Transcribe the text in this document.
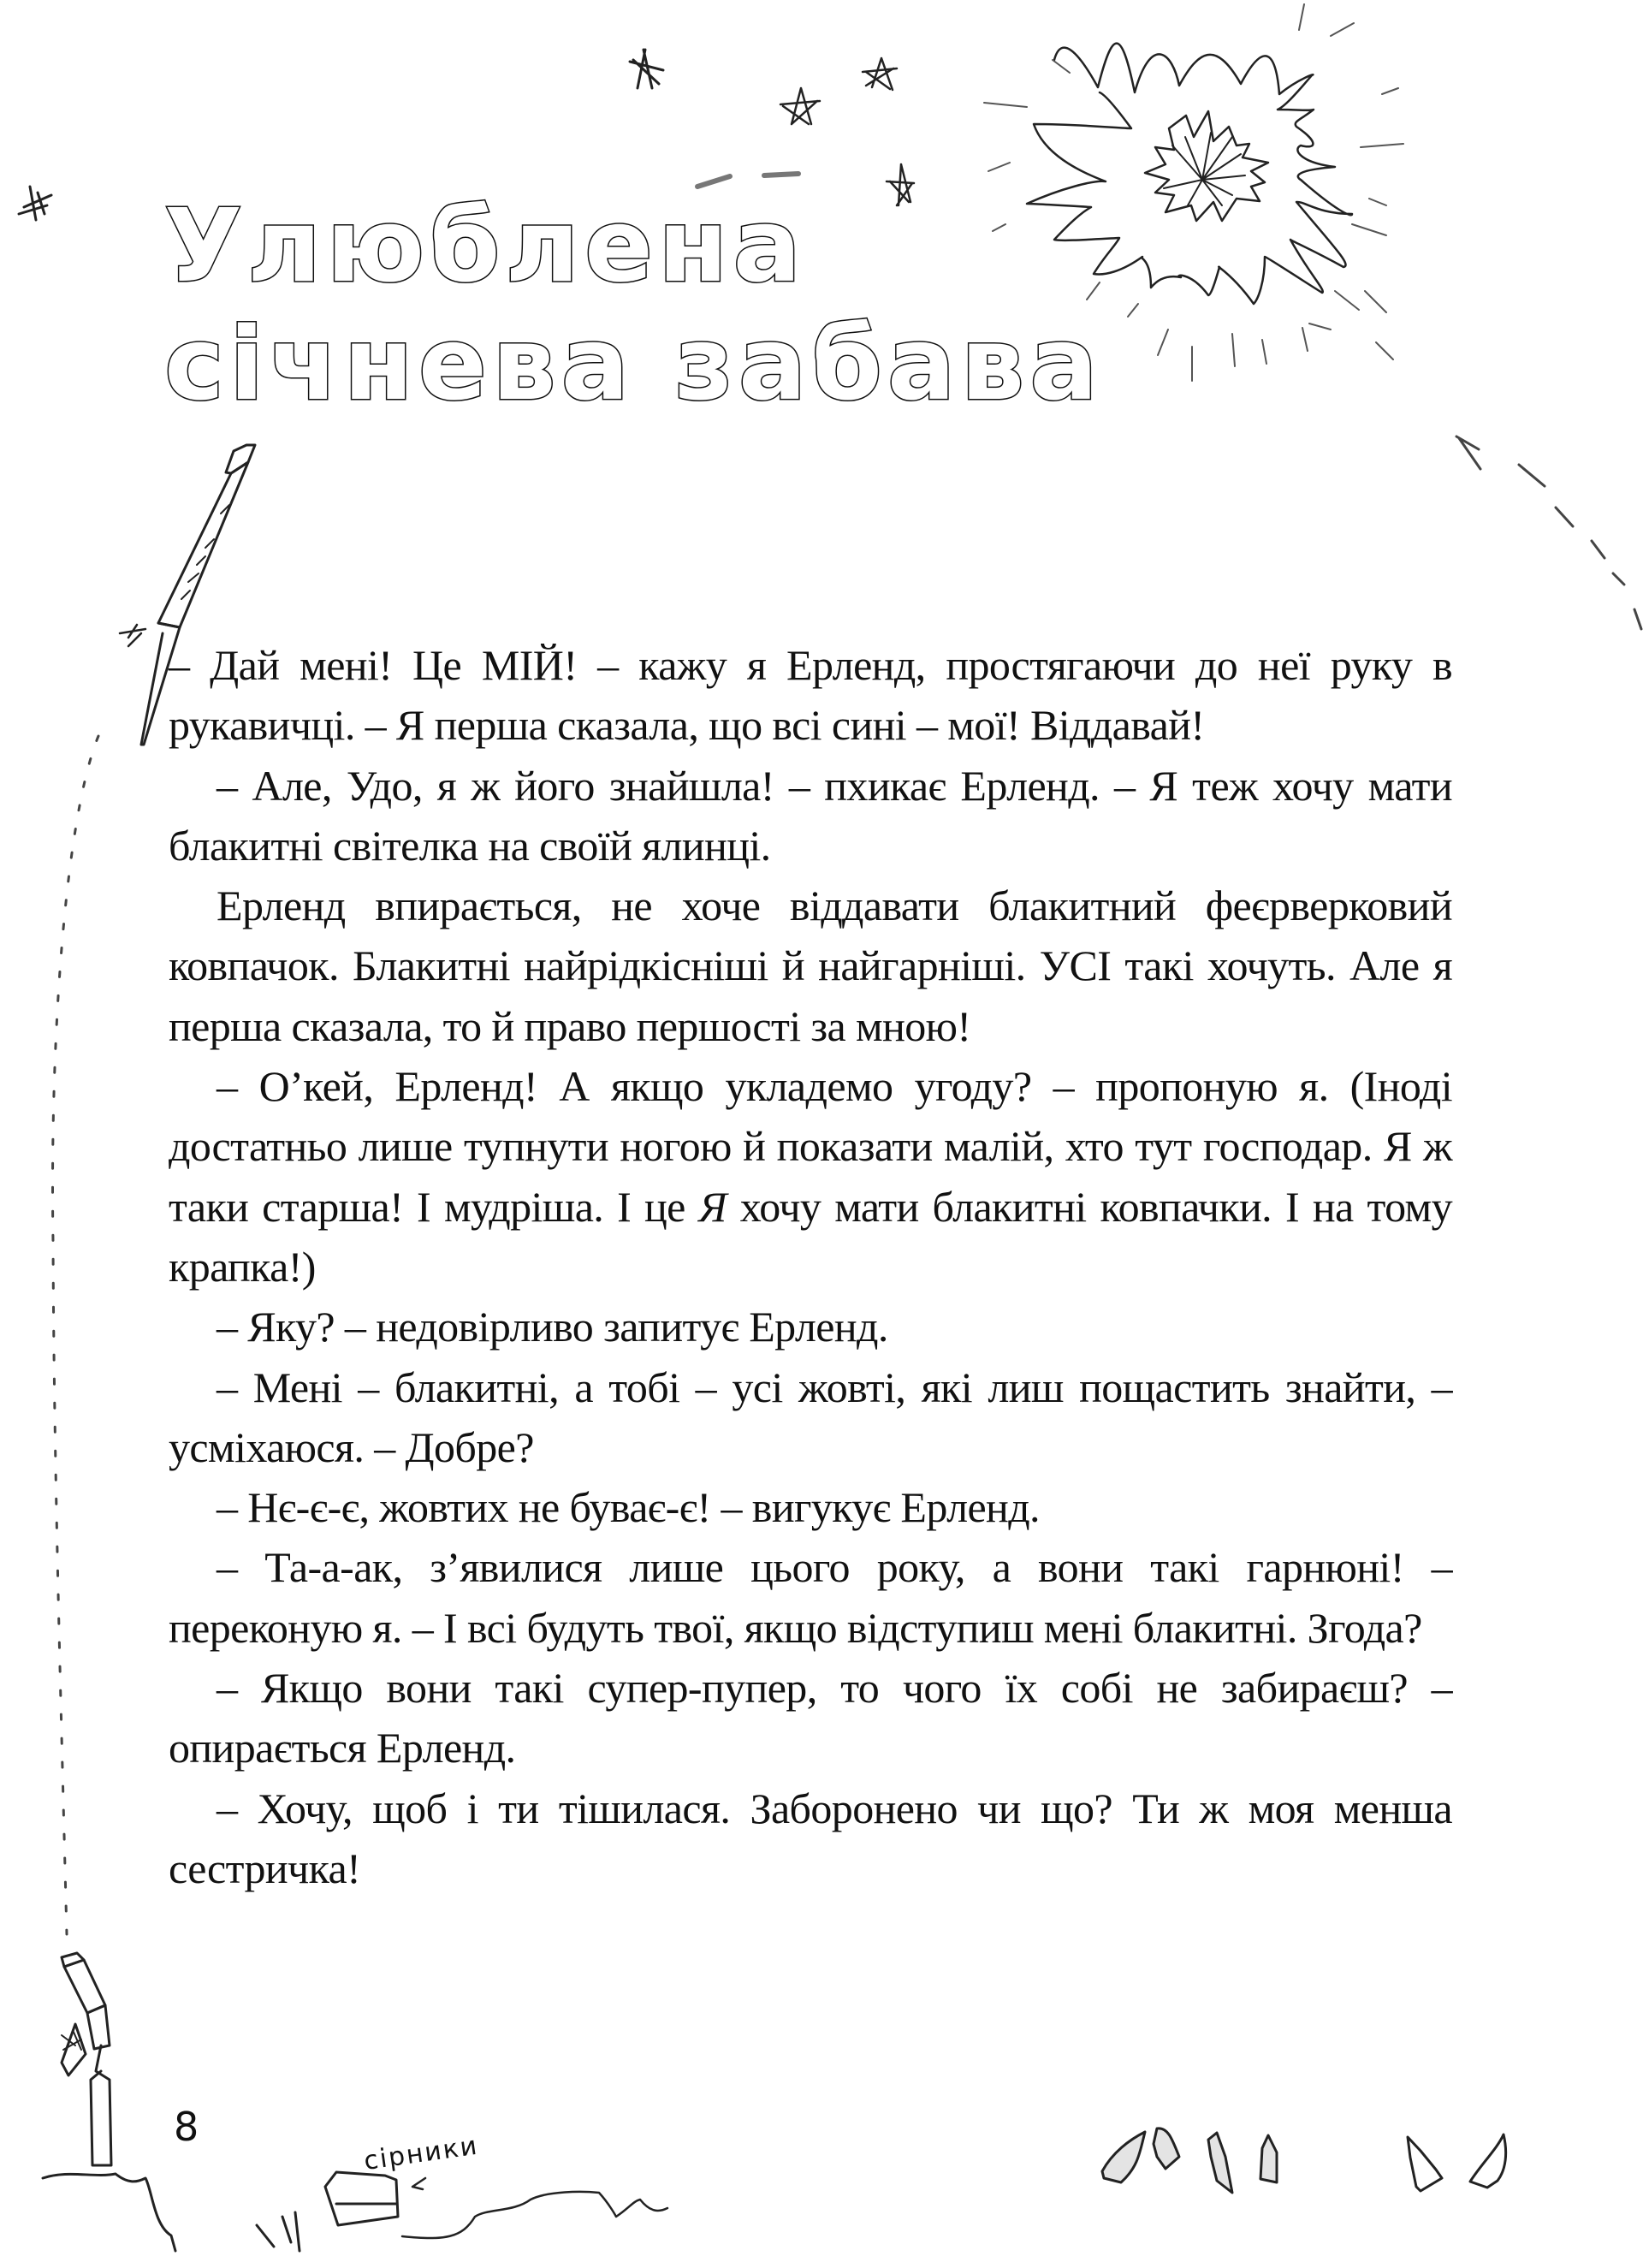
Улюблена
січнева забава

– Дай мені! Це МІЙ! – кажу я Ерленд, простягаючи до неї руку в рукавичці. – Я перша сказала, що всі сині – мої! Віддавай!

– Але, Удо, я ж його знайшла! – пхикає Ерленд. – Я теж хочу мати блакитні світелка на своїй ялинці.

Ерленд впирається, не хоче віддавати блакитний феєрверковий ковпачок. Блакитні найрідкісніші й найгарніші. УСІ такі хочуть. Але я перша сказала, то й право першості за мною!

– О’кей, Ерленд! А якщо укладемо угоду? – пропоную я. (Іноді достатньо лише тупнути ногою й показати малій, хто тут господар. Я ж таки старша! І мудріша. І це Я хочу мати блакитні ковпачки. І на тому крапка!)

– Яку? – недовірливо запитує Ерленд.

– Мені – блакитні, а тобі – усі жовті, які лиш пощастить знайти, – усміхаюся. – Добре?

– Нє-є-є, жовтих не буває-є! – вигукує Ерленд.

– Та-а-ак, з’явилися лише цього року, а вони такі гарнюні! – переконую я. – І всі будуть твої, якщо відступиш мені блакитні. Згода?

– Якщо вони такі супер-пупер, то чого їх собі не забираєш? – опирається Ерленд.

– Хочу, щоб і ти тішилася. Заборонено чи що? Ти ж моя менша сестричка!

8
сірники
